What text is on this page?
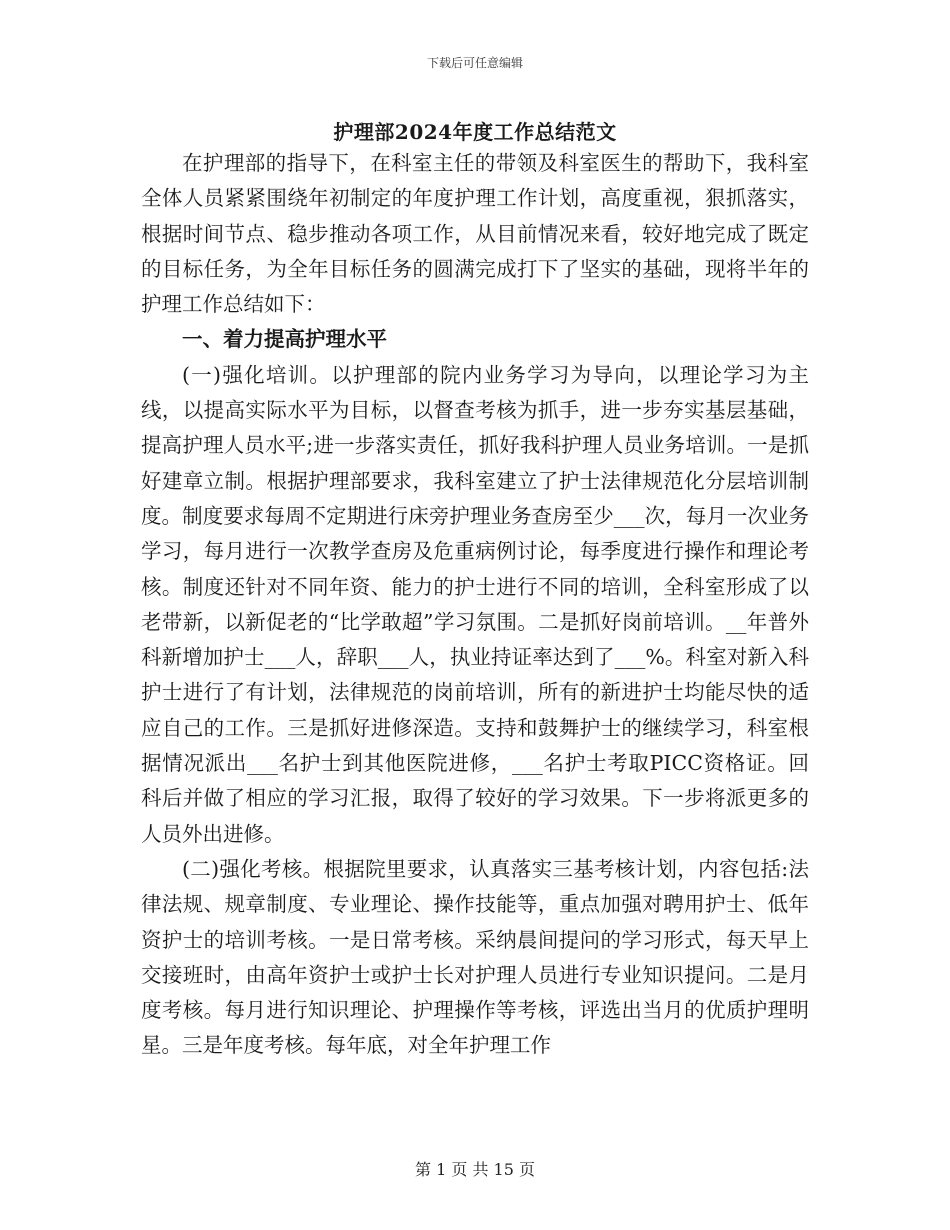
下载后可任意编辑
护理部2024年度工作总结范文

在护理部的指导下，在科室主任的带领及科室医生的帮助下，我科室全体人员紧紧围绕年初制定的年度护理工作计划，高度重视，狠抓落实，根据时间节点、稳步推动各项工作，从目前情况来看，较好地完成了既定的目标任务，为全年目标任务的圆满完成打下了坚实的基础，现将半年的护理工作总结如下：

一、着力提高护理水平

(一)强化培训。以护理部的院内业务学习为导向，以理论学习为主线，以提高实际水平为目标，以督查考核为抓手，进一步夯实基层基础，提高护理人员水平;进一步落实责任，抓好我科护理人员业务培训。一是抓好建章立制。根据护理部要求，我科室建立了护士法律规范化分层培训制度。制度要求每周不定期进行床旁护理业务查房至少___次，每月一次业务学习，每月进行一次教学查房及危重病例讨论，每季度进行操作和理论考核。制度还针对不同年资、能力的护士进行不同的培训，全科室形成了以老带新，以新促老的“比学敢超”学习氛围。二是抓好岗前培训。__年普外科新增加护士___人，辞职___人，执业持证率达到了___%。科室对新入科护士进行了有计划，法律规范的岗前培训，所有的新进护士均能尽快的适应自己的工作。三是抓好进修深造。支持和鼓舞护士的继续学习，科室根据情况派出___名护士到其他医院进修，___名护士考取PICC资格证。回科后并做了相应的学习汇报，取得了较好的学习效果。下一步将派更多的人员外出进修。

(二)强化考核。根据院里要求，认真落实三基考核计划，内容包括:法律法规、规章制度、专业理论、操作技能等，重点加强对聘用护士、低年资护士的培训考核。一是日常考核。采纳晨间提问的学习形式，每天早上交接班时，由高年资护士或护士长对护理人员进行专业知识提问。二是月度考核。每月进行知识理论、护理操作等考核，评选出当月的优质护理明星。三是年度考核。每年底，对全年护理工作

第 1 页 共 15 页
